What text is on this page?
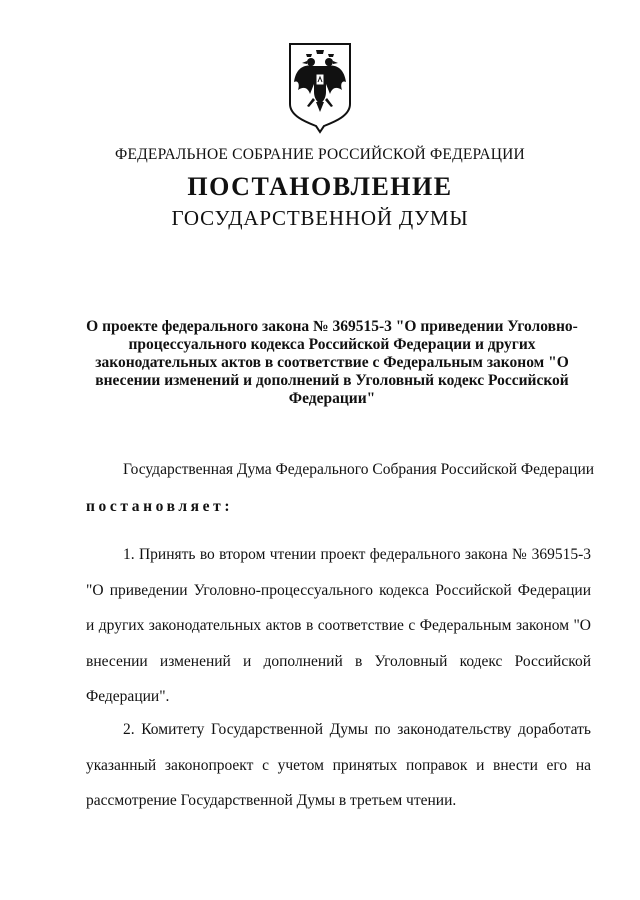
ФЕДЕРАЛЬНОЕ СОБРАНИЕ РОССИЙСКОЙ ФЕДЕРАЦИИ
ПОСТАНОВЛЕНИЕ
ГОСУДАРСТВЕННОЙ ДУМЫ
О проекте федерального закона № 369515-3 "О приведении Уголовно-процессуального кодекса Российской Федерации и других законодательных актов в соответствие с Федеральным законом "О внесении изменений и дополнений в Уголовный кодекс Российской Федерации"
Государственная Дума Федерального Собрания Российской Федерации
постановляет:
1. Принять во втором чтении проект федерального закона № 369515-3 "О приведении Уголовно-процессуального кодекса Российской Федерации и других законодательных актов в соответствие с Федеральным законом "О внесении изменений и дополнений в Уголовный кодекс Российской Федерации".
2. Комитету Государственной Думы по законодательству доработать указанный законопроект с учетом принятых поправок и внести его на рассмотрение Государственной Думы в третьем чтении.
